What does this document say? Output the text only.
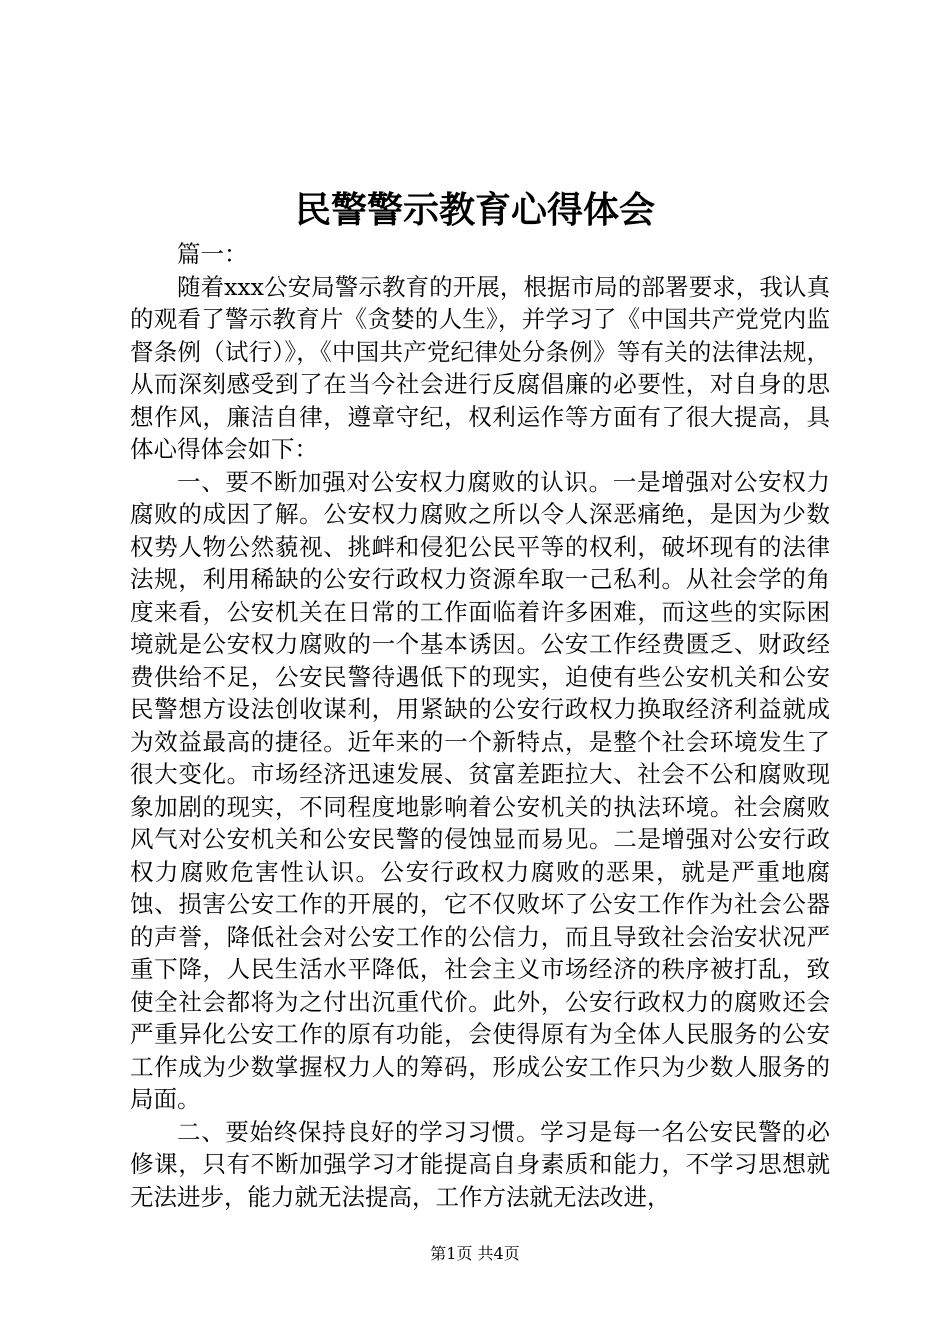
民警警示教育心得体会

篇一：

随着xxx公安局警示教育的开展，根据市局的部署要求，我认真的观看了警示教育片《贪婪的人生》，并学习了《中国共产党党内监督条例（试行）》，《中国共产党纪律处分条例》等有关的法律法规，从而深刻感受到了在当今社会进行反腐倡廉的必要性，对自身的思想作风，廉洁自律，遵章守纪，权利运作等方面有了很大提高，具体心得体会如下：

一、要不断加强对公安权力腐败的认识。一是增强对公安权力腐败的成因了解。公安权力腐败之所以令人深恶痛绝，是因为少数权势人物公然藐视、挑衅和侵犯公民平等的权利，破坏现有的法律法规，利用稀缺的公安行政权力资源牟取一己私利。从社会学的角度来看，公安机关在日常的工作面临着许多困难，而这些的实际困境就是公安权力腐败的一个基本诱因。公安工作经费匮乏、财政经费供给不足，公安民警待遇低下的现实，迫使有些公安机关和公安民警想方设法创收谋利，用紧缺的公安行政权力换取经济利益就成为效益最高的捷径。近年来的一个新特点，是整个社会环境发生了很大变化。市场经济迅速发展、贫富差距拉大、社会不公和腐败现象加剧的现实，不同程度地影响着公安机关的执法环境。社会腐败风气对公安机关和公安民警的侵蚀显而易见。二是增强对公安行政权力腐败危害性认识。公安行政权力腐败的恶果，就是严重地腐蚀、损害公安工作的开展的，它不仅败坏了公安工作作为社会公器的声誉，降低社会对公安工作的公信力，而且导致社会治安状况严重下降，人民生活水平降低，社会主义市场经济的秩序被打乱，致使全社会都将为之付出沉重代价。此外，公安行政权力的腐败还会严重异化公安工作的原有功能，会使得原有为全体人民服务的公安工作成为少数掌握权力人的筹码，形成公安工作只为少数人服务的局面。

二、要始终保持良好的学习习惯。学习是每一名公安民警的必修课，只有不断加强学习才能提高自身素质和能力，不学习思想就无法进步，能力就无法提高，工作方法就无法改进，

第1页 共4页
